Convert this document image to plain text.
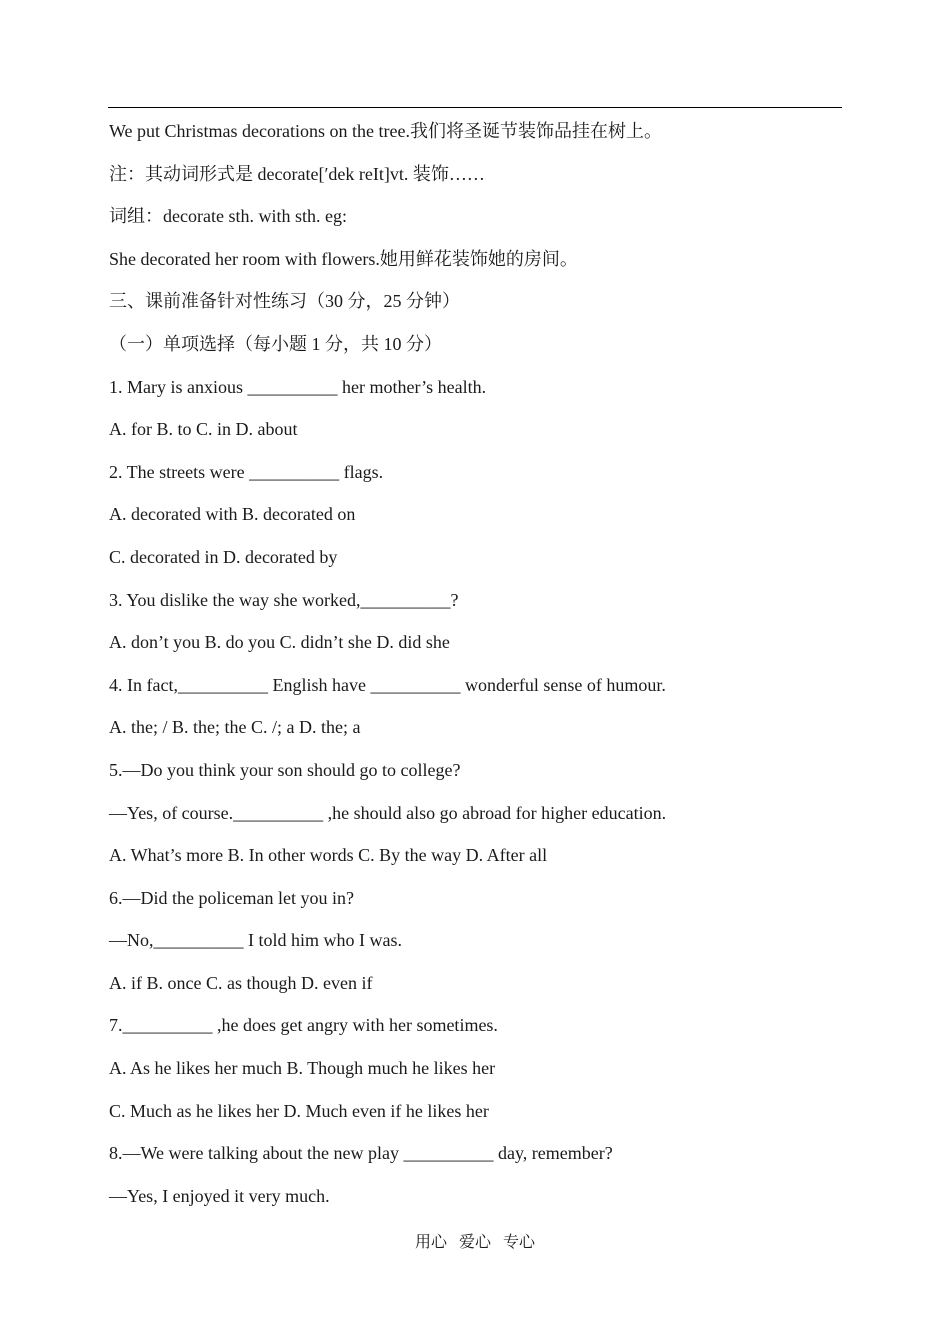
We put Christmas decorations on the tree.我们将圣诞节装饰品挂在树上。
注：其动词形式是 decorate[′dek reIt]vt. 装饰……
词组：decorate sth. with sth. eg:
She decorated her room with flowers.她用鲜花装饰她的房间。
三、课前准备针对性练习（30 分，25 分钟）
（一）单项选择（每小题 1 分，共 10 分）
1. Mary is anxious __________ her mother’s health.
A. for B. to C. in D. about
2. The streets were __________ flags.
A. decorated with B. decorated on
C. decorated in D. decorated by
3. You dislike the way she worked,__________?
A. don’t you B. do you C. didn’t she D. did she
4. In fact,__________ English have __________ wonderful sense of humour.
A. the; / B. the; the C. /; a D. the; a
5.—Do you think your son should go to college?
—Yes, of course.__________ ,he should also go abroad for higher education.
A. What’s more B. In other words C. By the way D. After all
6.—Did the policeman let you in?
—No,__________ I told him who I was.
A. if B. once C. as though D. even if
7.__________ ,he does get angry with her sometimes.
A. As he likes her much B. Though much he likes her
C. Much as he likes her D. Much even if he likes her
8.—We were talking about the new play __________ day, remember?
—Yes, I enjoyed it very much.
用心 爱心 专心
